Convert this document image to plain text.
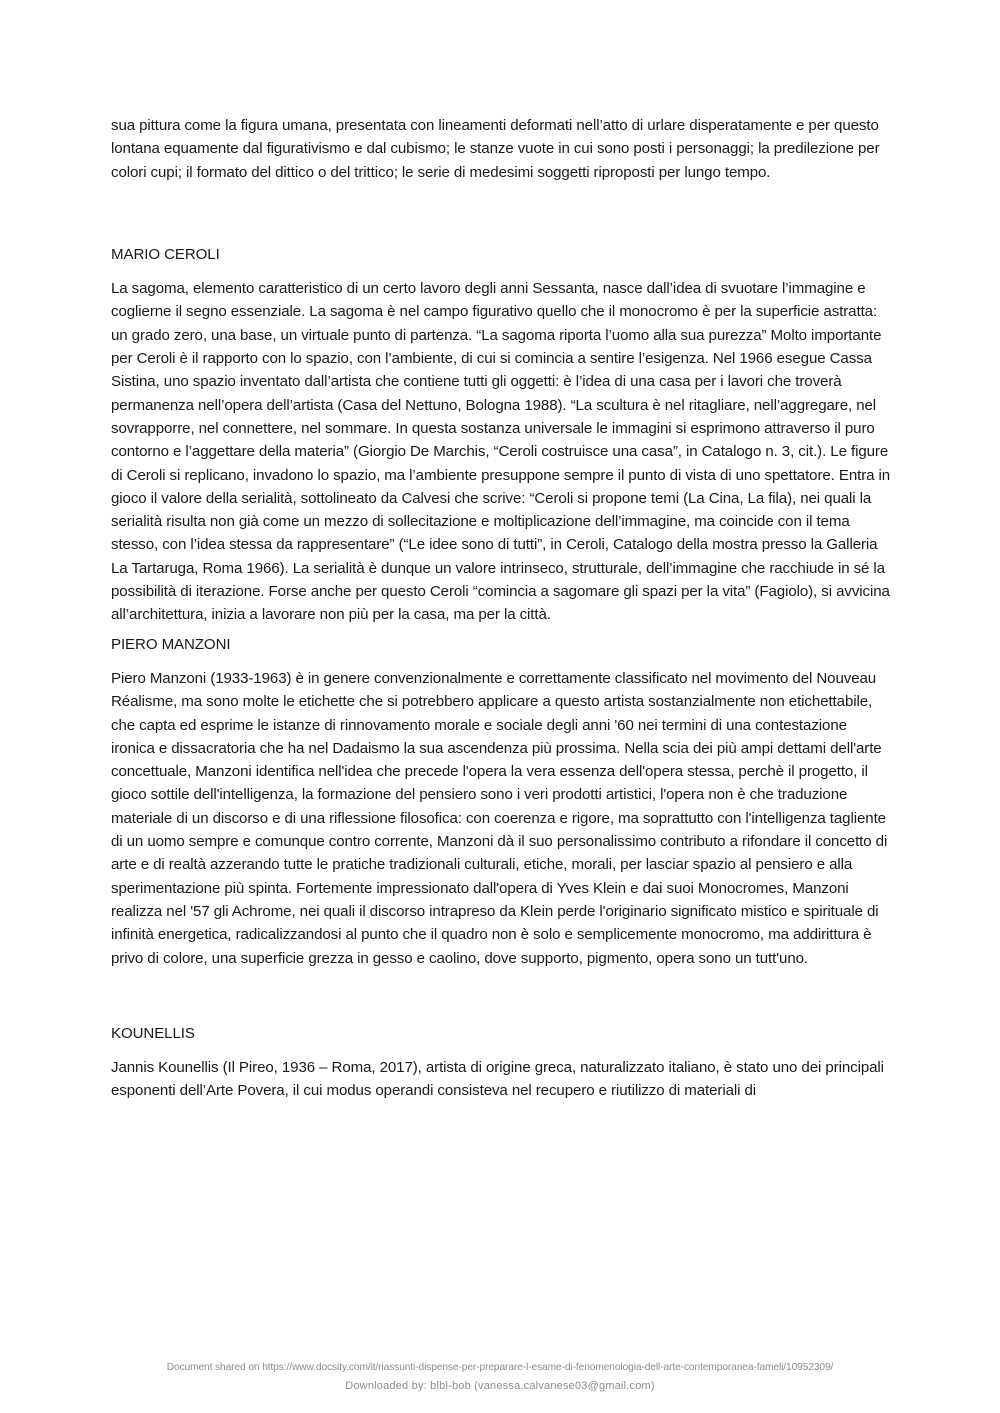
sua pittura come la figura umana, presentata con lineamenti deformati nell’atto di urlare disperatamente e per questo lontana equamente dal figurativismo e dal cubismo; le stanze vuote in cui sono posti i personaggi; la predilezione per colori cupi; il formato del dittico o del trittico; le serie di medesimi soggetti riproposti per lungo tempo.

MARIO CEROLI

La sagoma, elemento caratteristico di un certo lavoro degli anni Sessanta, nasce dall’idea di svuotare l’immagine e coglierne il segno essenziale. La sagoma è nel campo figurativo quello che il monocromo è per la superficie astratta: un grado zero, una base, un virtuale punto di partenza. “La sagoma riporta l’uomo alla sua purezza” Molto importante per Ceroli è il rapporto con lo spazio, con l’ambiente, di cui si comincia a sentire l’esigenza. Nel 1966 esegue Cassa Sistina, uno spazio inventato dall’artista che contiene tutti gli oggetti: è l’idea di una casa per i lavori che troverà permanenza nell’opera dell’artista (Casa del Nettuno, Bologna 1988). “La scultura è nel ritagliare, nell’aggregare, nel sovrapporre, nel connettere, nel sommare. In questa sostanza universale le immagini si esprimono attraverso il puro contorno e l’aggettare della materia” (Giorgio De Marchis, “Ceroli costruisce una casa”, in Catalogo n. 3, cit.). Le figure di Ceroli si replicano, invadono lo spazio, ma l’ambiente presuppone sempre il punto di vista di uno spettatore. Entra in gioco il valore della serialità, sottolineato da Calvesi che scrive: “Ceroli si propone temi (La Cina, La fila), nei quali la serialità risulta non già come un mezzo di sollecitazione e moltiplicazione dell’immagine, ma coincide con il tema stesso, con l’idea stessa da rappresentare” (“Le idee sono di tutti”, in Ceroli, Catalogo della mostra presso la Galleria La Tartaruga, Roma 1966). La serialità è dunque un valore intrinseco, strutturale, dell’immagine che racchiude in sé la possibilità di iterazione. Forse anche per questo Ceroli “comincia a sagomare gli spazi per la vita” (Fagiolo), si avvicina all’architettura, inizia a lavorare non più per la casa, ma per la città.

PIERO MANZONI

Piero Manzoni (1933-1963) è in genere convenzionalmente e correttamente classificato nel movimento del Nouveau Réalisme, ma sono molte le etichette che si potrebbero applicare a questo artista sostanzialmente non etichettabile, che capta ed esprime le istanze di rinnovamento morale e sociale degli anni '60 nei termini di una contestazione ironica e dissacratoria che ha nel Dadaismo la sua ascendenza più prossima. Nella scia dei più ampi dettami dell'arte concettuale, Manzoni identifica nell'idea che precede l'opera la vera essenza dell'opera stessa, perchè il progetto, il gioco sottile dell'intelligenza, la formazione del pensiero sono i veri prodotti artistici, l'opera non è che traduzione materiale di un discorso e di una riflessione filosofica: con coerenza e rigore, ma soprattutto con l'intelligenza tagliente di un uomo sempre e comunque contro corrente, Manzoni dà il suo personalissimo contributo a rifondare il concetto di arte e di realtà azzerando tutte le pratiche tradizionali culturali, etiche, morali, per lasciar spazio al pensiero e alla sperimentazione più spinta. Fortemente impressionato dall'opera di Yves Klein e dai suoi Monocromes, Manzoni realizza nel '57 gli Achrome, nei quali il discorso intrapreso da Klein perde l'originario significato mistico e spirituale di infinità energetica, radicalizzandosi al punto che il quadro non è solo e semplicemente monocromo, ma addirittura è privo di colore, una superficie grezza in gesso e caolino, dove supporto, pigmento, opera sono un tutt'uno.

KOUNELLIS

Jannis Kounellis (Il Pireo, 1936 – Roma, 2017), artista di origine greca, naturalizzato italiano, è stato uno dei principali esponenti dell’Arte Povera, il cui modus operandi consisteva nel recupero e riutilizzo di materiali di

Document shared on https://www.docsity.com/it/riassunti-dispense-per-preparare-l-esame-di-fenomenologia-dell-arte-contemporanea-fameli/10952309/
Downloaded by: blbl-bob (vanessa.calvanese03@gmail.com)
